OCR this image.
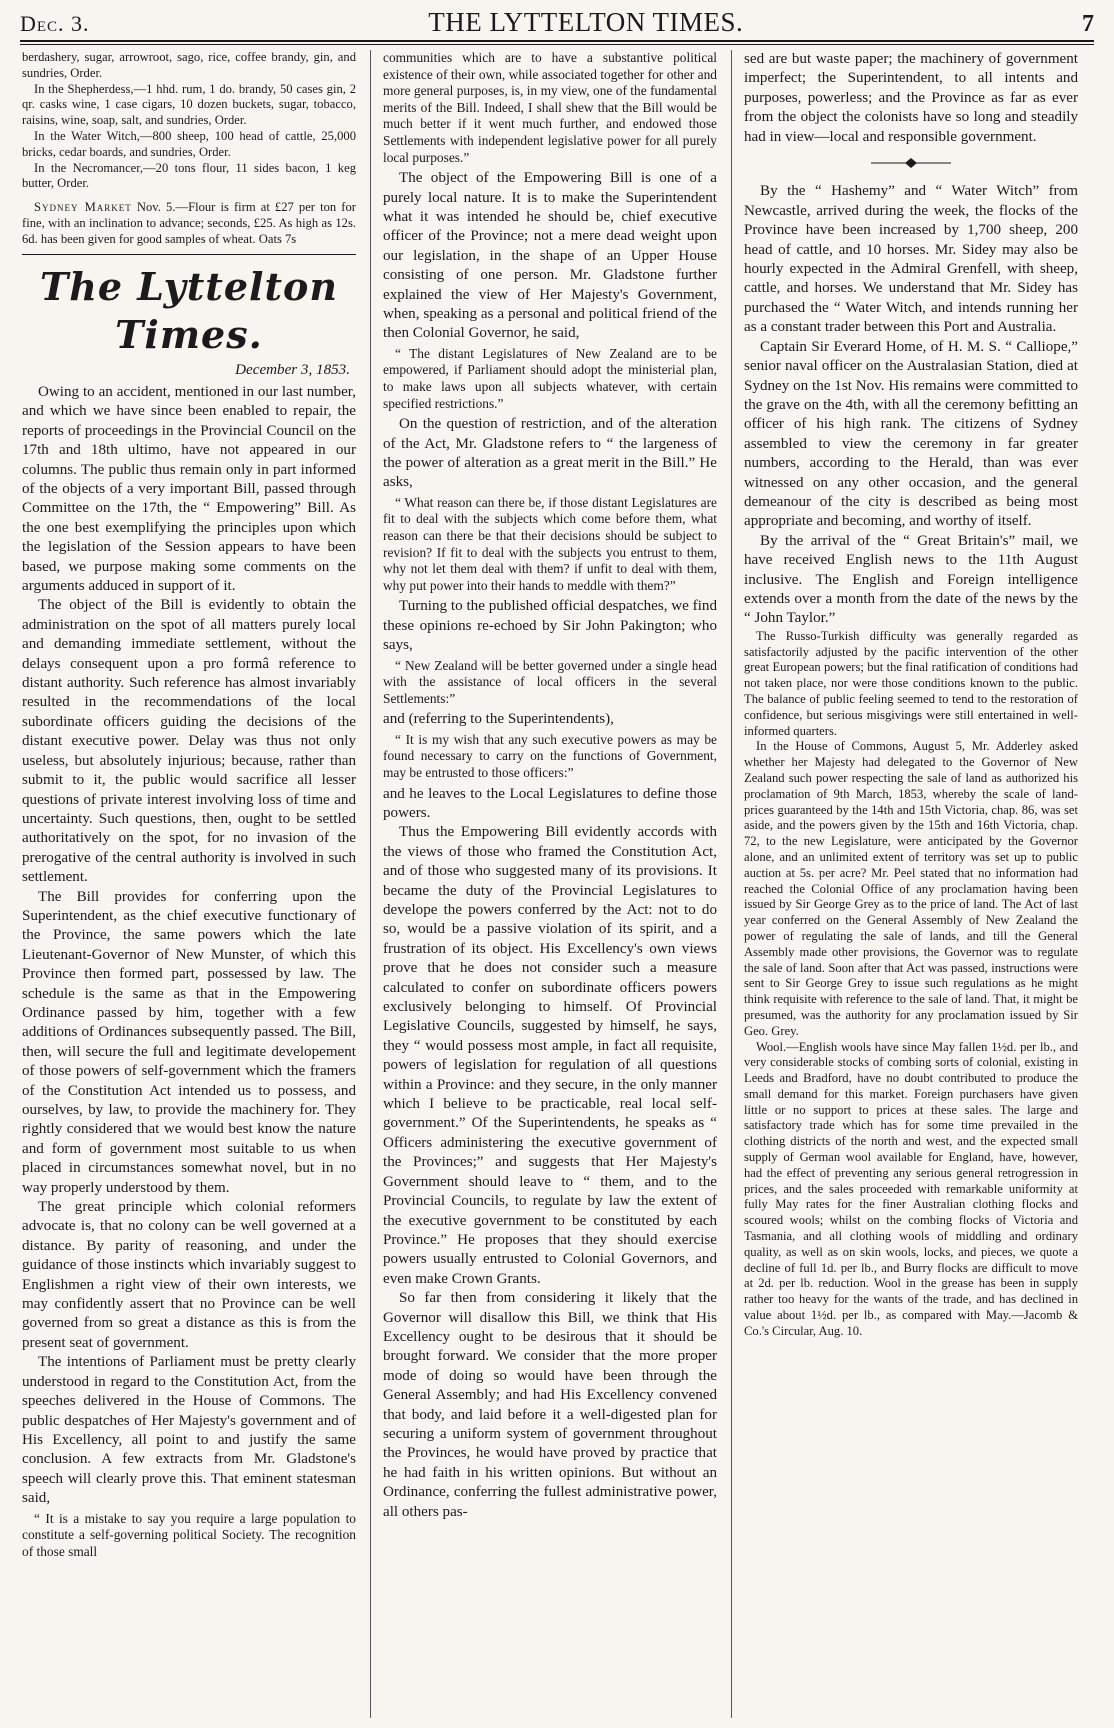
Dec. 3.	THE LYTTELTON TIMES.	7

berdashery, sugar, arrowroot, sago, rice, coffee brandy, gin, and sundries, Order.

In the Shepherdess,—1 hhd. rum, 1 do. brandy, 50 cases gin, 2 qr. casks wine, 1 case cigars, 10 dozen buckets, sugar, tobacco, raisins, wine, soap, salt, and sundries, Order.

In the Water Witch,—800 sheep, 100 head of cattle, 25,000 bricks, cedar boards, and sundries, Order.

In the Necromancer,—20 tons flour, 11 sides bacon, 1 keg butter, Order.

Sydney Market Nov. 5.—Flour is firm at £27 per ton for fine, with an inclination to advance; seconds, £25. As high as 12s. 6d. has been given for good samples of wheat. Oats 7s

The Lyttelton Times.

December 3, 1853.

Owing to an accident, mentioned in our last number, and which we have since been enabled to repair, the reports of proceedings in the Provincial Council on the 17th and 18th ultimo, have not appeared in our columns. The public thus remain only in part informed of the objects of a very important Bill, passed through Committee on the 17th, the “ Empowering” Bill. As the one best exemplifying the principles upon which the legislation of the Session appears to have been based, we purpose making some comments on the arguments adduced in support of it.

The object of the Bill is evidently to obtain the administration on the spot of all matters purely local and demanding immediate settlement, without the delays consequent upon a pro formâ reference to distant authority. Such reference has almost invariably resulted in the recommendations of the local subordinate officers guiding the decisions of the distant executive power. Delay was thus not only useless, but absolutely injurious; because, rather than submit to it, the public would sacrifice all lesser questions of private interest involving loss of time and uncertainty. Such questions, then, ought to be settled authoritatively on the spot, for no invasion of the prerogative of the central authority is involved in such settlement.

The Bill provides for conferring upon the Superintendent, as the chief executive functionary of the Province, the same powers which the late Lieutenant-Governor of New Munster, of which this Province then formed part, possessed by law. The schedule is the same as that in the Empowering Ordinance passed by him, together with a few additions of Ordinances subsequently passed. The Bill, then, will secure the full and legitimate developement of those powers of self-government which the framers of the Constitution Act intended us to possess, and ourselves, by law, to provide the machinery for. They rightly considered that we would best know the nature and form of government most suitable to us when placed in circumstances somewhat novel, but in no way properly understood by them.

The great principle which colonial reformers advocate is, that no colony can be well governed at a distance. By parity of reasoning, and under the guidance of those instincts which invariably suggest to Englishmen a right view of their own interests, we may confidently assert that no Province can be well governed from so great a distance as this is from the present seat of government.

The intentions of Parliament must be pretty clearly understood in regard to the Constitution Act, from the speeches delivered in the House of Commons. The public despatches of Her Majesty's government and of His Excellency, all point to and justify the same conclusion. A few extracts from Mr. Gladstone's speech will clearly prove this. That eminent statesman said,

“ It is a mistake to say you require a large population to constitute a self-governing political Society. The recognition of those small

communities which are to have a substantive political existence of their own, while associated together for other and more general purposes, is, in my view, one of the fundamental merits of the Bill. Indeed, I shall shew that the Bill would be much better if it went much further, and endowed those Settlements with independent legislative power for all purely local purposes.”

The object of the Empowering Bill is one of a purely local nature. It is to make the Superintendent what it was intended he should be, chief executive officer of the Province; not a mere dead weight upon our legislation, in the shape of an Upper House consisting of one person. Mr. Gladstone further explained the view of Her Majesty's Government, when, speaking as a personal and political friend of the then Colonial Governor, he said,

“ The distant Legislatures of New Zealand are to be empowered, if Parliament should adopt the ministerial plan, to make laws upon all subjects whatever, with certain specified restrictions.”

On the question of restriction, and of the alteration of the Act, Mr. Gladstone refers to “ the largeness of the power of alteration as a great merit in the Bill.” He asks,

“ What reason can there be, if those distant Legislatures are fit to deal with the subjects which come before them, what reason can there be that their decisions should be subject to revision? If fit to deal with the subjects you entrust to them, why not let them deal with them? if unfit to deal with them, why put power into their hands to meddle with them?”

Turning to the published official despatches, we find these opinions re-echoed by Sir John Pakington; who says,

“ New Zealand will be better governed under a single head with the assistance of local officers in the several Settlements:”

and (referring to the Superintendents),

“ It is my wish that any such executive powers as may be found necessary to carry on the functions of Government, may be entrusted to those officers:”

and he leaves to the Local Legislatures to define those powers.

Thus the Empowering Bill evidently accords with the views of those who framed the Constitution Act, and of those who suggested many of its provisions. It became the duty of the Provincial Legislatures to develope the powers conferred by the Act: not to do so, would be a passive violation of its spirit, and a frustration of its object. His Excellency's own views prove that he does not consider such a measure calculated to confer on subordinate officers powers exclusively belonging to himself. Of Provincial Legislative Councils, suggested by himself, he says, they “ would possess most ample, in fact all requisite, powers of legislation for regulation of all questions within a Province: and they secure, in the only manner which I believe to be practicable, real local self-government.” Of the Superintendents, he speaks as “ Officers administering the executive government of the Provinces;” and suggests that Her Majesty's Government should leave to “ them, and to the Provincial Councils, to regulate by law the extent of the executive government to be constituted by each Province.” He proposes that they should exercise powers usually entrusted to Colonial Governors, and even make Crown Grants.

So far then from considering it likely that the Governor will disallow this Bill, we think that His Excellency ought to be desirous that it should be brought forward. We consider that the more proper mode of doing so would have been through the General Assembly; and had His Excellency convened that body, and laid before it a well-digested plan for securing a uniform system of government throughout the Provinces, he would have proved by practice that he had faith in his written opinions. But without an Ordinance, conferring the fullest administrative power, all others pas-

sed are but waste paper; the machinery of government imperfect; the Superintendent, to all intents and purposes, powerless; and the Province as far as ever from the object the colonists have so long and steadily had in view—local and responsible government.

By the “ Hashemy” and “ Water Witch” from Newcastle, arrived during the week, the flocks of the Province have been increased by 1,700 sheep, 200 head of cattle, and 10 horses. Mr. Sidey may also be hourly expected in the Admiral Grenfell, with sheep, cattle, and horses. We understand that Mr. Sidey has purchased the “ Water Witch, and intends running her as a constant trader between this Port and Australia.

Captain Sir Everard Home, of H. M. S. “ Calliope,” senior naval officer on the Australasian Station, died at Sydney on the 1st Nov. His remains were committed to the grave on the 4th, with all the ceremony befitting an officer of his high rank. The citizens of Sydney assembled to view the ceremony in far greater numbers, according to the Herald, than was ever witnessed on any other occasion, and the general demeanour of the city is described as being most appropriate and becoming, and worthy of itself.

By the arrival of the “ Great Britain's” mail, we have received English news to the 11th August inclusive. The English and Foreign intelligence extends over a month from the date of the news by the “ John Taylor.”

The Russo-Turkish difficulty was generally regarded as satisfactorily adjusted by the pacific intervention of the other great European powers; but the final ratification of conditions had not taken place, nor were those conditions known to the public. The balance of public feeling seemed to tend to the restoration of confidence, but serious misgivings were still entertained in well-informed quarters.

In the House of Commons, August 5, Mr. Adderley asked whether her Majesty had delegated to the Governor of New Zealand such power respecting the sale of land as authorized his proclamation of 9th March, 1853, whereby the scale of land-prices guaranteed by the 14th and 15th Victoria, chap. 86, was set aside, and the powers given by the 15th and 16th Victoria, chap. 72, to the new Legislature, were anticipated by the Governor alone, and an unlimited extent of territory was set up to public auction at 5s. per acre? Mr. Peel stated that no information had reached the Colonial Office of any proclamation having been issued by Sir George Grey as to the price of land. The Act of last year conferred on the General Assembly of New Zealand the power of regulating the sale of lands, and till the General Assembly made other provisions, the Governor was to regulate the sale of land. Soon after that Act was passed, instructions were sent to Sir George Grey to issue such regulations as he might think requisite with reference to the sale of land. That, it might be presumed, was the authority for any proclamation issued by Sir Geo. Grey.

Wool.—English wools have since May fallen 1½d. per lb., and very considerable stocks of combing sorts of colonial, existing in Leeds and Bradford, have no doubt contributed to produce the small demand for this market. Foreign purchasers have given little or no support to prices at these sales. The large and satisfactory trade which has for some time prevailed in the clothing districts of the north and west, and the expected small supply of German wool available for England, have, however, had the effect of preventing any serious general retrogression in prices, and the sales proceeded with remarkable uniformity at fully May rates for the finer Australian clothing flocks and scoured wools; whilst on the combing flocks of Victoria and Tasmania, and all clothing wools of middling and ordinary quality, as well as on skin wools, locks, and pieces, we quote a decline of full 1d. per lb., and Burry flocks are difficult to move at 2d. per lb. reduction. Wool in the grease has been in supply rather too heavy for the wants of the trade, and has declined in value about 1½d. per lb., as compared with May.—Jacomb & Co.'s Circular, Aug. 10.
